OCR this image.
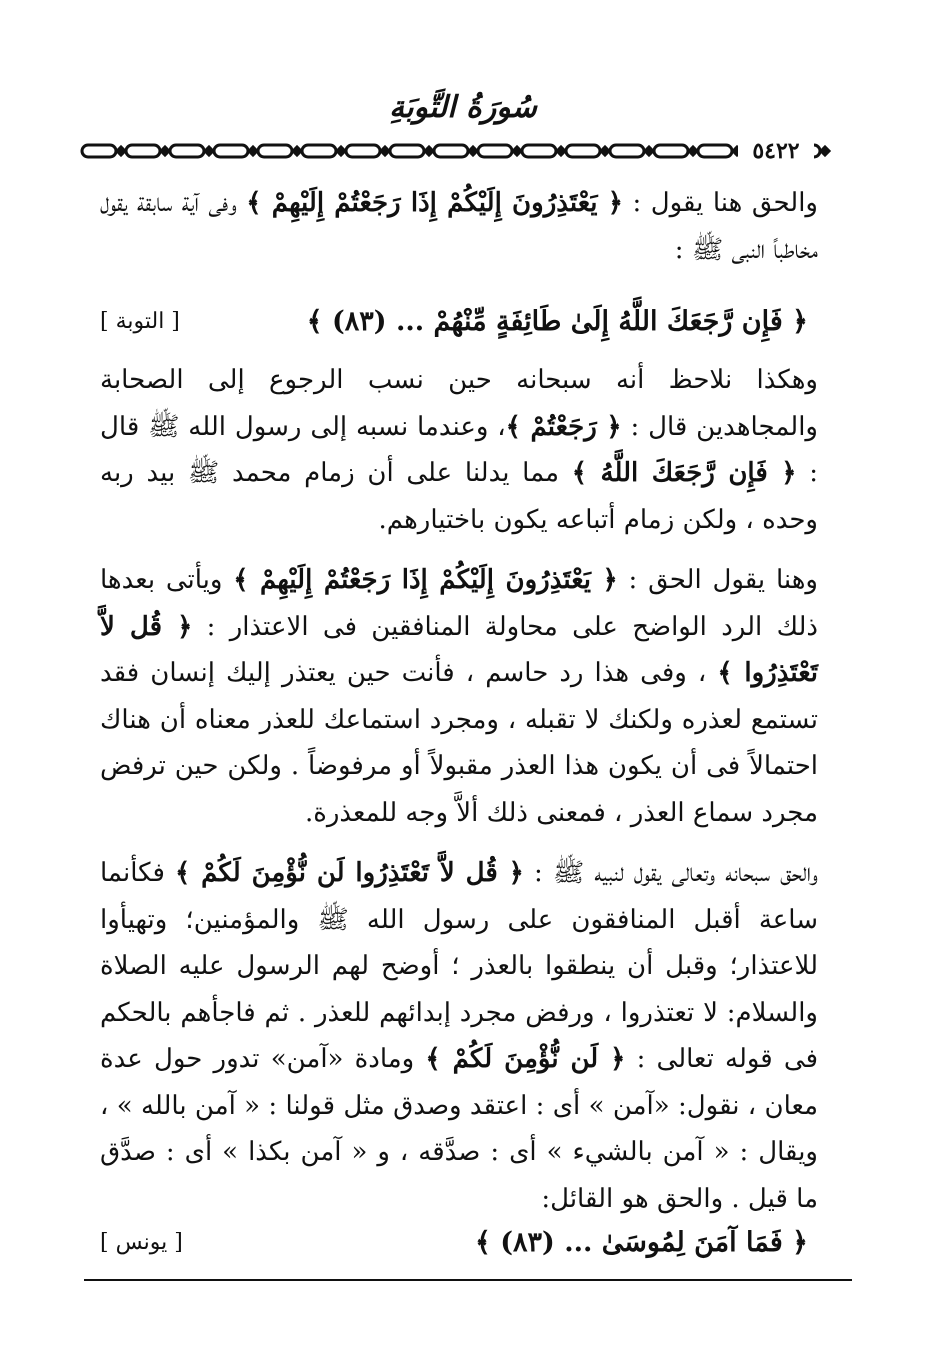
سُورَةُ التَّوبَةِ
٥٤٢٢

والحق هنا يقول : ﴿ يَعْتَذِرُونَ إِلَيْكُمْ إِذَا رَجَعْتُمْ إِلَيْهِمْ ﴾ وفى آية سابقة يقول مخاطباً النبى ﷺ :

﴿ فَإِن رَّجَعَكَ اللَّهُ إِلَىٰ طَائِفَةٍ مِّنْهُمْ ... (٨٣) ﴾
[ التوبة ]

وهكذا نلاحظ أنه سبحانه حين نسب الرجوع إلى الصحابة والمجاهدين قال : ﴿ رَجَعْتُمْ ﴾، وعندما نسبه إلى رسول الله ﷺ قال : ﴿ فَإِن رَّجَعَكَ اللَّهُ ﴾ مما يدلنا على أن زمام محمد ﷺ بيد ربه وحده ، ولكن زمام أتباعه يكون باختيارهم.

وهنا يقول الحق : ﴿ يَعْتَذِرُونَ إِلَيْكُمْ إِذَا رَجَعْتُمْ إِلَيْهِمْ ﴾ ويأتى بعدها ذلك الرد الواضح على محاولة المنافقين فى الاعتذار : ﴿ قُل لاَّ تَعْتَذِرُوا ﴾ ، وفى هذا رد حاسم ، فأنت حين يعتذر إليك إنسان فقد تستمع لعذره ولكنك لا تقبله ، ومجرد استماعك للعذر معناه أن هناك احتمالاً فى أن يكون هذا العذر مقبولاً أو مرفوضاً . ولكن حين ترفض مجرد سماع العذر ، فمعنى ذلك ألاَّ وجه للمعذرة.

والحق سبحانه وتعالى يقول لنبيه ﷺ : ﴿ قُل لاَّ تَعْتَذِرُوا لَن نُّؤْمِنَ لَكُمْ ﴾ فكأنما ساعة أقبل المنافقون على رسول الله ﷺ والمؤمنين؛ وتهيأوا للاعتذار؛ وقبل أن ينطقوا بالعذر ؛ أوضح لهم الرسول عليه الصلاة والسلام: لا تعتذروا ، ورفض مجرد إبدائهم للعذر . ثم فاجأهم بالحكم فى قوله تعالى : ﴿ لَن نُّؤْمِنَ لَكُمْ ﴾ ومادة «آمن» تدور حول عدة معان ، نقول: «آمن » أى : اعتقد وصدق مثل قولنا : « آمن بالله » ، ويقال : « آمن بالشيء » أى : صدَّقه ، و « آمن بكذا » أى : صدَّق ما قيل . والحق هو القائل:

﴿ فَمَا آمَنَ لِمُوسَىٰ ... (٨٣) ﴾
[ يونس ]
